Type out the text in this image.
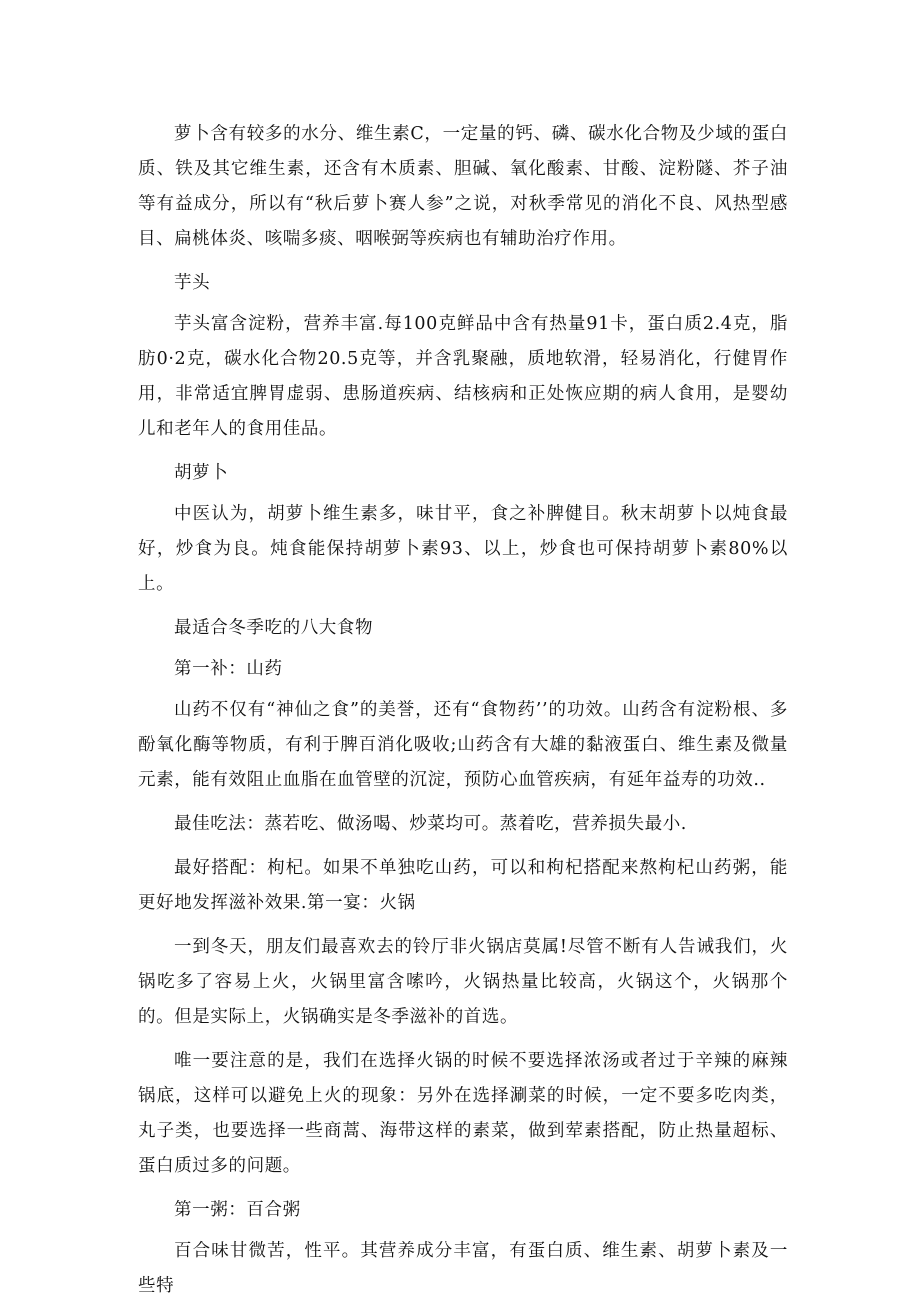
萝卜含有较多的水分、维生素C，一定量的钙、磷、碳水化合物及少域的蛋白质、铁及其它维生素，还含有木质素、胆碱、氧化酸素、甘酸、淀粉隧、芥子油等有益成分，所以有“秋后萝卜赛人参”之说，对秋季常见的消化不良、风热型感目、扁桃体炎、咳喘多痰、咽喉弼等疾病也有辅助治疗作用。

芋头

芋头富含淀粉，营养丰富.每100克鲜品中含有热量91卡，蛋白质2.4克，脂肪0·2克，碳水化合物20.5克等，并含乳聚融，质地软滑，轻易消化，行健胃作用，非常适宜脾胃虚弱、患肠道疾病、结核病和正处恢应期的病人食用，是婴幼儿和老年人的食用佳品。

胡萝卜

中医认为，胡萝卜维生素多，味甘平，食之补脾健目。秋末胡萝卜以炖食最好，炒食为良。炖食能保持胡萝卜素93、以上，炒食也可保持胡萝卜素80%以上。

最适合冬季吃的八大食物

第一补：山药

山药不仅有“神仙之食”的美誉，还有“食物药’’的功效。山药含有淀粉根、多酚氧化酶等物质，有利于脾百消化吸收;山药含有大雄的黏液蛋白、维生素及微量元素，能有效阻止血脂在血管壁的沉淀，预防心血管疾病，有延年益寿的功效..

最佳吃法：蒸若吃、做汤喝、炒菜均可。蒸着吃，营养损失最小.

最好搭配：枸杞。如果不单独吃山药，可以和枸杞搭配来熬枸杞山药粥，能更好地发挥滋补效果.第一宴：火锅

一到冬天，朋友们最喜欢去的铃厅非火锅店莫属!尽管不断有人告诫我们，火锅吃多了容易上火，火锅里富含嗦吟，火锅热量比较高，火锅这个，火锅那个的。但是实际上，火锅确实是冬季滋补的首选。

唯一要注意的是，我们在选择火锅的时候不要选择浓汤或者过于辛辣的麻辣锅底，这样可以避免上火的现象：另外在选择涮菜的时候，一定不要多吃肉类，丸子类，也要选择一些商蒿、海带这样的素菜，做到荤素搭配，防止热量超标、蛋白质过多的问题。

第一粥：百合粥

百合味甘微苦，性平。其营养成分丰富，有蛋白质、维生素、胡萝卜素及一些特
